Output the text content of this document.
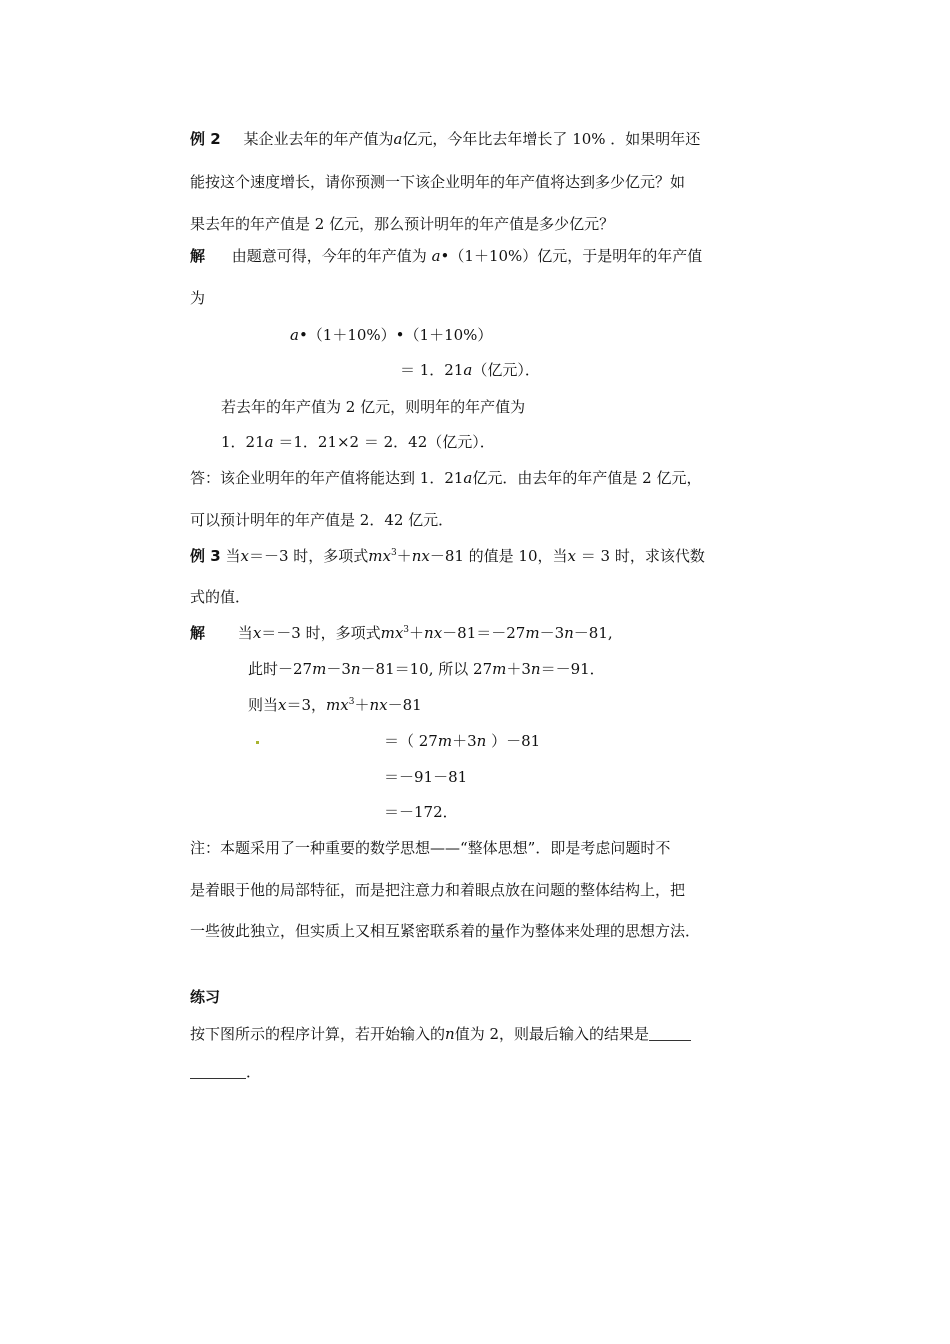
例 2 某企业去年的年产值为a亿元，今年比去年增长了 10% ．如果明年还
能按这个速度增长，请你预测一下该企业明年的年产值将达到多少亿元？如
果去年的年产值是 2 亿元，那么预计明年的年产值是多少亿元？
解 由题意可得，今年的年产值为 a•（1＋10%）亿元，于是明年的年产值
为
a•（1＋10%）•（1＋10%）
＝ 1．21a（亿元）．
若去年的年产值为 2 亿元，则明年的年产值为
1．21a ＝1．21×2 ＝ 2．42（亿元）．
答：该企业明年的年产值将能达到 1．21a亿元．由去年的年产值是 2 亿元，
可以预计明年的年产值是 2．42 亿元．
例 3 当x＝－3 时，多项式$mx^3+nx-81$ 的值是 10，当x ＝ 3 时，求该代数
式的值．
解 当x＝－3 时，多项式$mx^3+nx-81=-27m-3n-81$,
此时－27m－3n－81＝10, 所以 27m＋3n＝－91．
则当x＝3，$mx^3+nx-81$
＝（ 27m＋3n ）－81
＝－91－81
＝－172．
注：本题采用了一种重要的数学思想——“整体思想”．即是考虑问题时不
是着眼于他的局部特征，而是把注意力和着眼点放在问题的整体结构上，把
一些彼此独立，但实质上又相互紧密联系着的量作为整体来处理的思想方法．
练习
按下图所示的程序计算，若开始输入的n值为 2，则最后输入的结果是
．
